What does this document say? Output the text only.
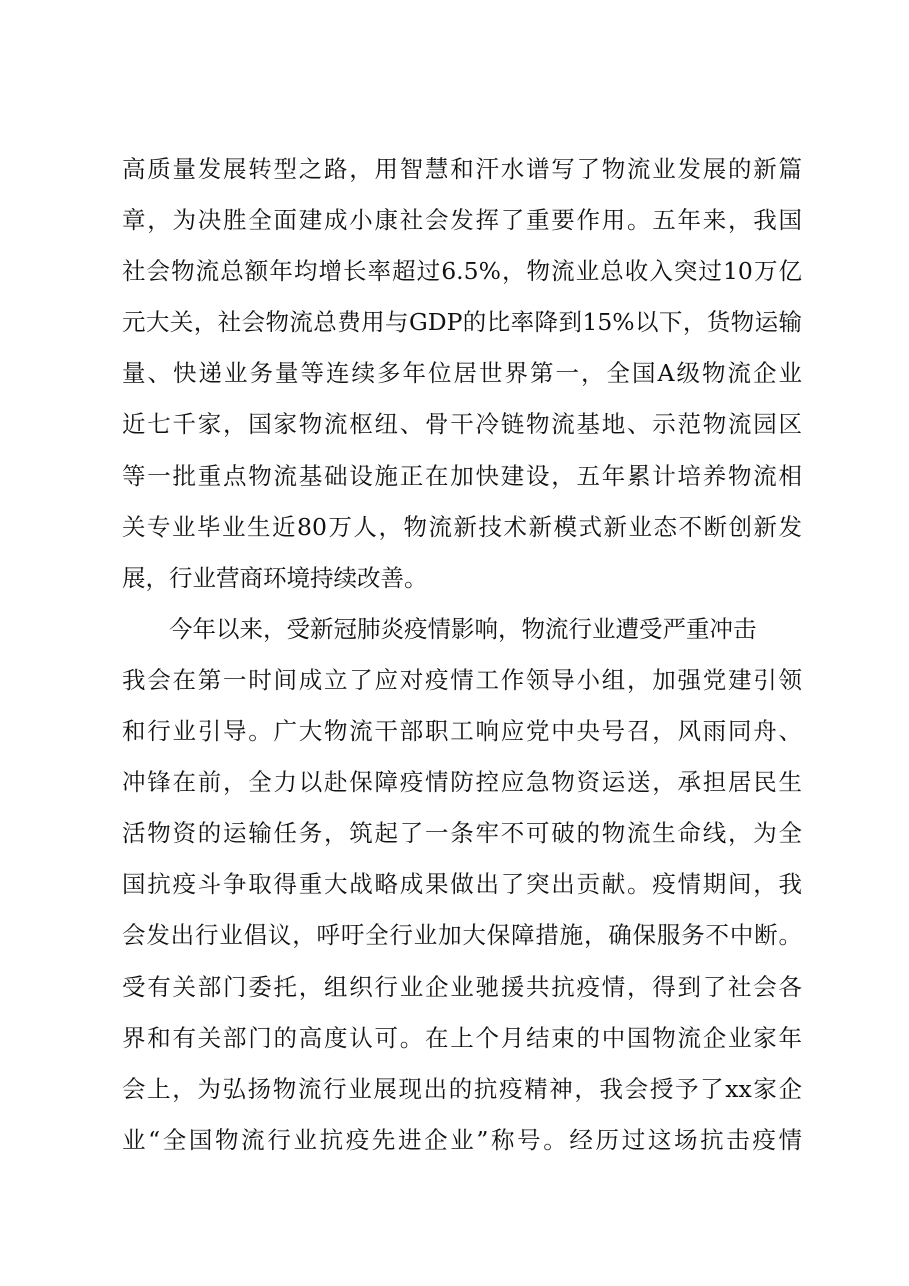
高质量发展转型之路，用智慧和汗水谱写了物流业发展的新篇
章，为决胜全面建成小康社会发挥了重要作用。五年来，我国
社会物流总额年均增长率超过6.5%，物流业总收入突过10万亿
元大关，社会物流总费用与GDP的比率降到15%以下，货物运输
量、快递业务量等连续多年位居世界第一，全国A级物流企业
近七千家，国家物流枢纽、骨干冷链物流基地、示范物流园区
等一批重点物流基础设施正在加快建设，五年累计培养物流相
关专业毕业生近80万人，物流新技术新模式新业态不断创新发
展，行业营商环境持续改善。
今年以来，受新冠肺炎疫情影响，物流行业遭受严重冲击
我会在第一时间成立了应对疫情工作领导小组，加强党建引领
和行业引导。广大物流干部职工响应党中央号召，风雨同舟、
冲锋在前，全力以赴保障疫情防控应急物资运送，承担居民生
活物资的运输任务，筑起了一条牢不可破的物流生命线，为全
国抗疫斗争取得重大战略成果做出了突出贡献。疫情期间，我
会发出行业倡议，呼吁全行业加大保障措施，确保服务不中断。
受有关部门委托，组织行业企业驰援共抗疫情，得到了社会各
界和有关部门的高度认可。在上个月结束的中国物流企业家年
会上，为弘扬物流行业展现出的抗疫精神，我会授予了xx家企
业“全国物流行业抗疫先进企业”称号。经历过这场抗击疫情
